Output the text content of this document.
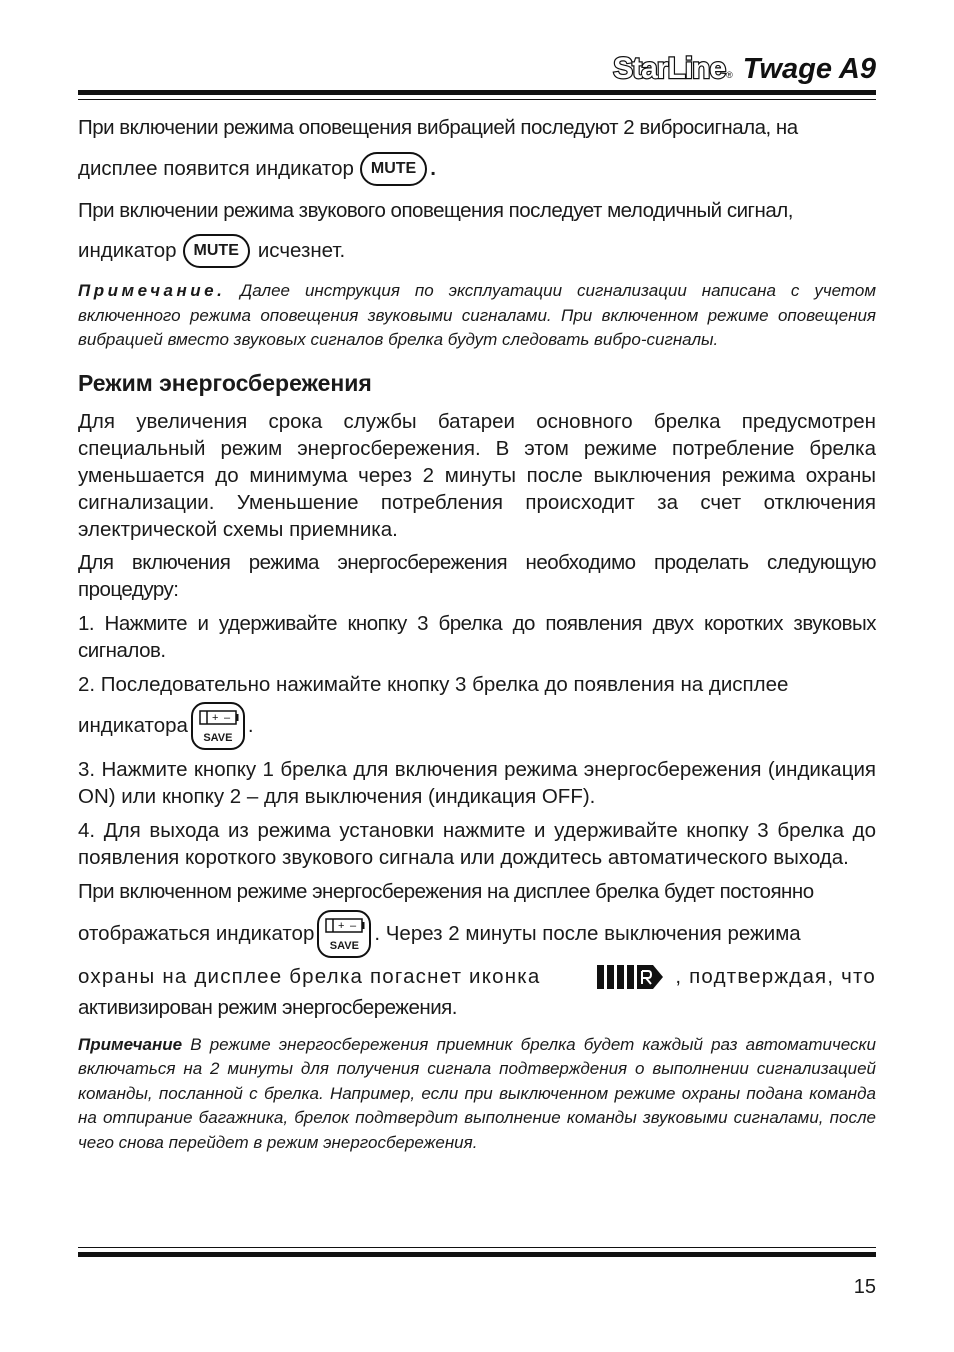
StarLine ® Twage A9

При включении режима оповещения вибрацией последуют 2 вибросигнала, на

дисплее появится индикатор MUTE .

При включении режима звукового оповещения последует мелодичный сигнал,

индикатор MUTE исчезнет.

Примечание. Далее инструкция по эксплуатации сигнализации написана с учетом включенного режима оповещения звуковыми сигналами. При включенном режиме оповещения вибрацией вместо звуковых сигналов брелка будут следовать вибро-сигналы.

Режим энергосбережения

Для увеличения срока службы батареи основного брелка предусмотрен специальный режим энергосбережения. В этом режиме потребление брелка уменьшается до минимума через 2 минуты после выключения режима охраны сигнализации. Уменьшение потребления происходит за счет отключения электрической схемы приемника.

Для включения режима энергосбережения необходимо проделать следующую процедуру:

1. Нажмите и удерживайте кнопку 3 брелка до появления двух коротких звуковых сигналов.

2. Последовательно нажимайте кнопку 3 брелка до появления на дисплее

индикатора + –
SAVE
.

3. Нажмите кнопку 1 брелка для включения режима энергосбережения (индикация ON) или кнопку 2 – для выключения (индикация OFF).

4. Для выхода из режима установки нажмите и удерживайте кнопку 3 брелка до появления короткого звукового сигнала или дождитесь автоматического выхода.

При включенном режиме энергосбережения на дисплее брелка будет постоянно

отображаться индикатор + –
SAVE
. Через 2 минуты после выключения режима
охраны на дисплее брелка погаснет иконка	, подтверждая, что

активизирован режим энергосбережения.

Примечание В режиме энергосбережения приемник брелка будет каждый раз автоматически включаться на 2 минуты для получения сигнала подтверждения о выполнении сигнализацией команды, посланной с брелка. Например, если при выключенном режиме охраны подана команда на отпирание багажника, брелок подтвердит выполнение команды звуковыми сигналами, после чего снова перейдет в режим энергосбережения.

15
